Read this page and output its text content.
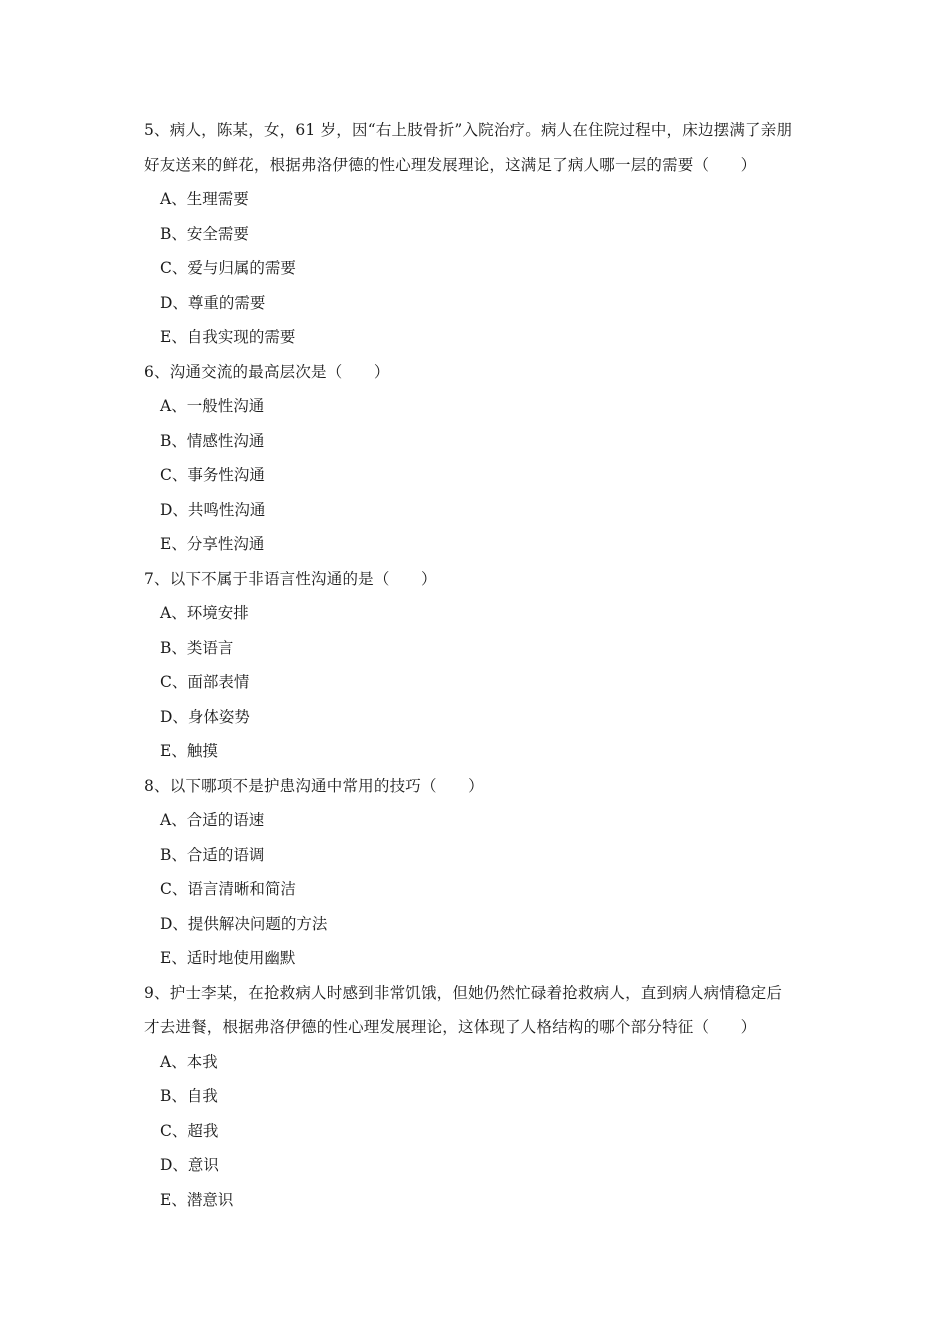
5、病人，陈某，女，61 岁，因“右上肢骨折”入院治疗。病人在住院过程中，床边摆满了亲朋
好友送来的鲜花，根据弗洛伊德的性心理发展理论，这满足了病人哪一层的需要（　　）
A、生理需要
B、安全需要
C、爱与归属的需要
D、尊重的需要
E、自我实现的需要
6、沟通交流的最高层次是（　　）
A、一般性沟通
B、情感性沟通
C、事务性沟通
D、共鸣性沟通
E、分享性沟通
7、以下不属于非语言性沟通的是（　　）
A、环境安排
B、类语言
C、面部表情
D、身体姿势
E、触摸
8、以下哪项不是护患沟通中常用的技巧（　　）
A、合适的语速
B、合适的语调
C、语言清晰和简洁
D、提供解决问题的方法
E、适时地使用幽默
9、护士李某，在抢救病人时感到非常饥饿，但她仍然忙碌着抢救病人，直到病人病情稳定后
才去进餐，根据弗洛伊德的性心理发展理论，这体现了人格结构的哪个部分特征（　　）
A、本我
B、自我
C、超我
D、意识
E、潜意识
